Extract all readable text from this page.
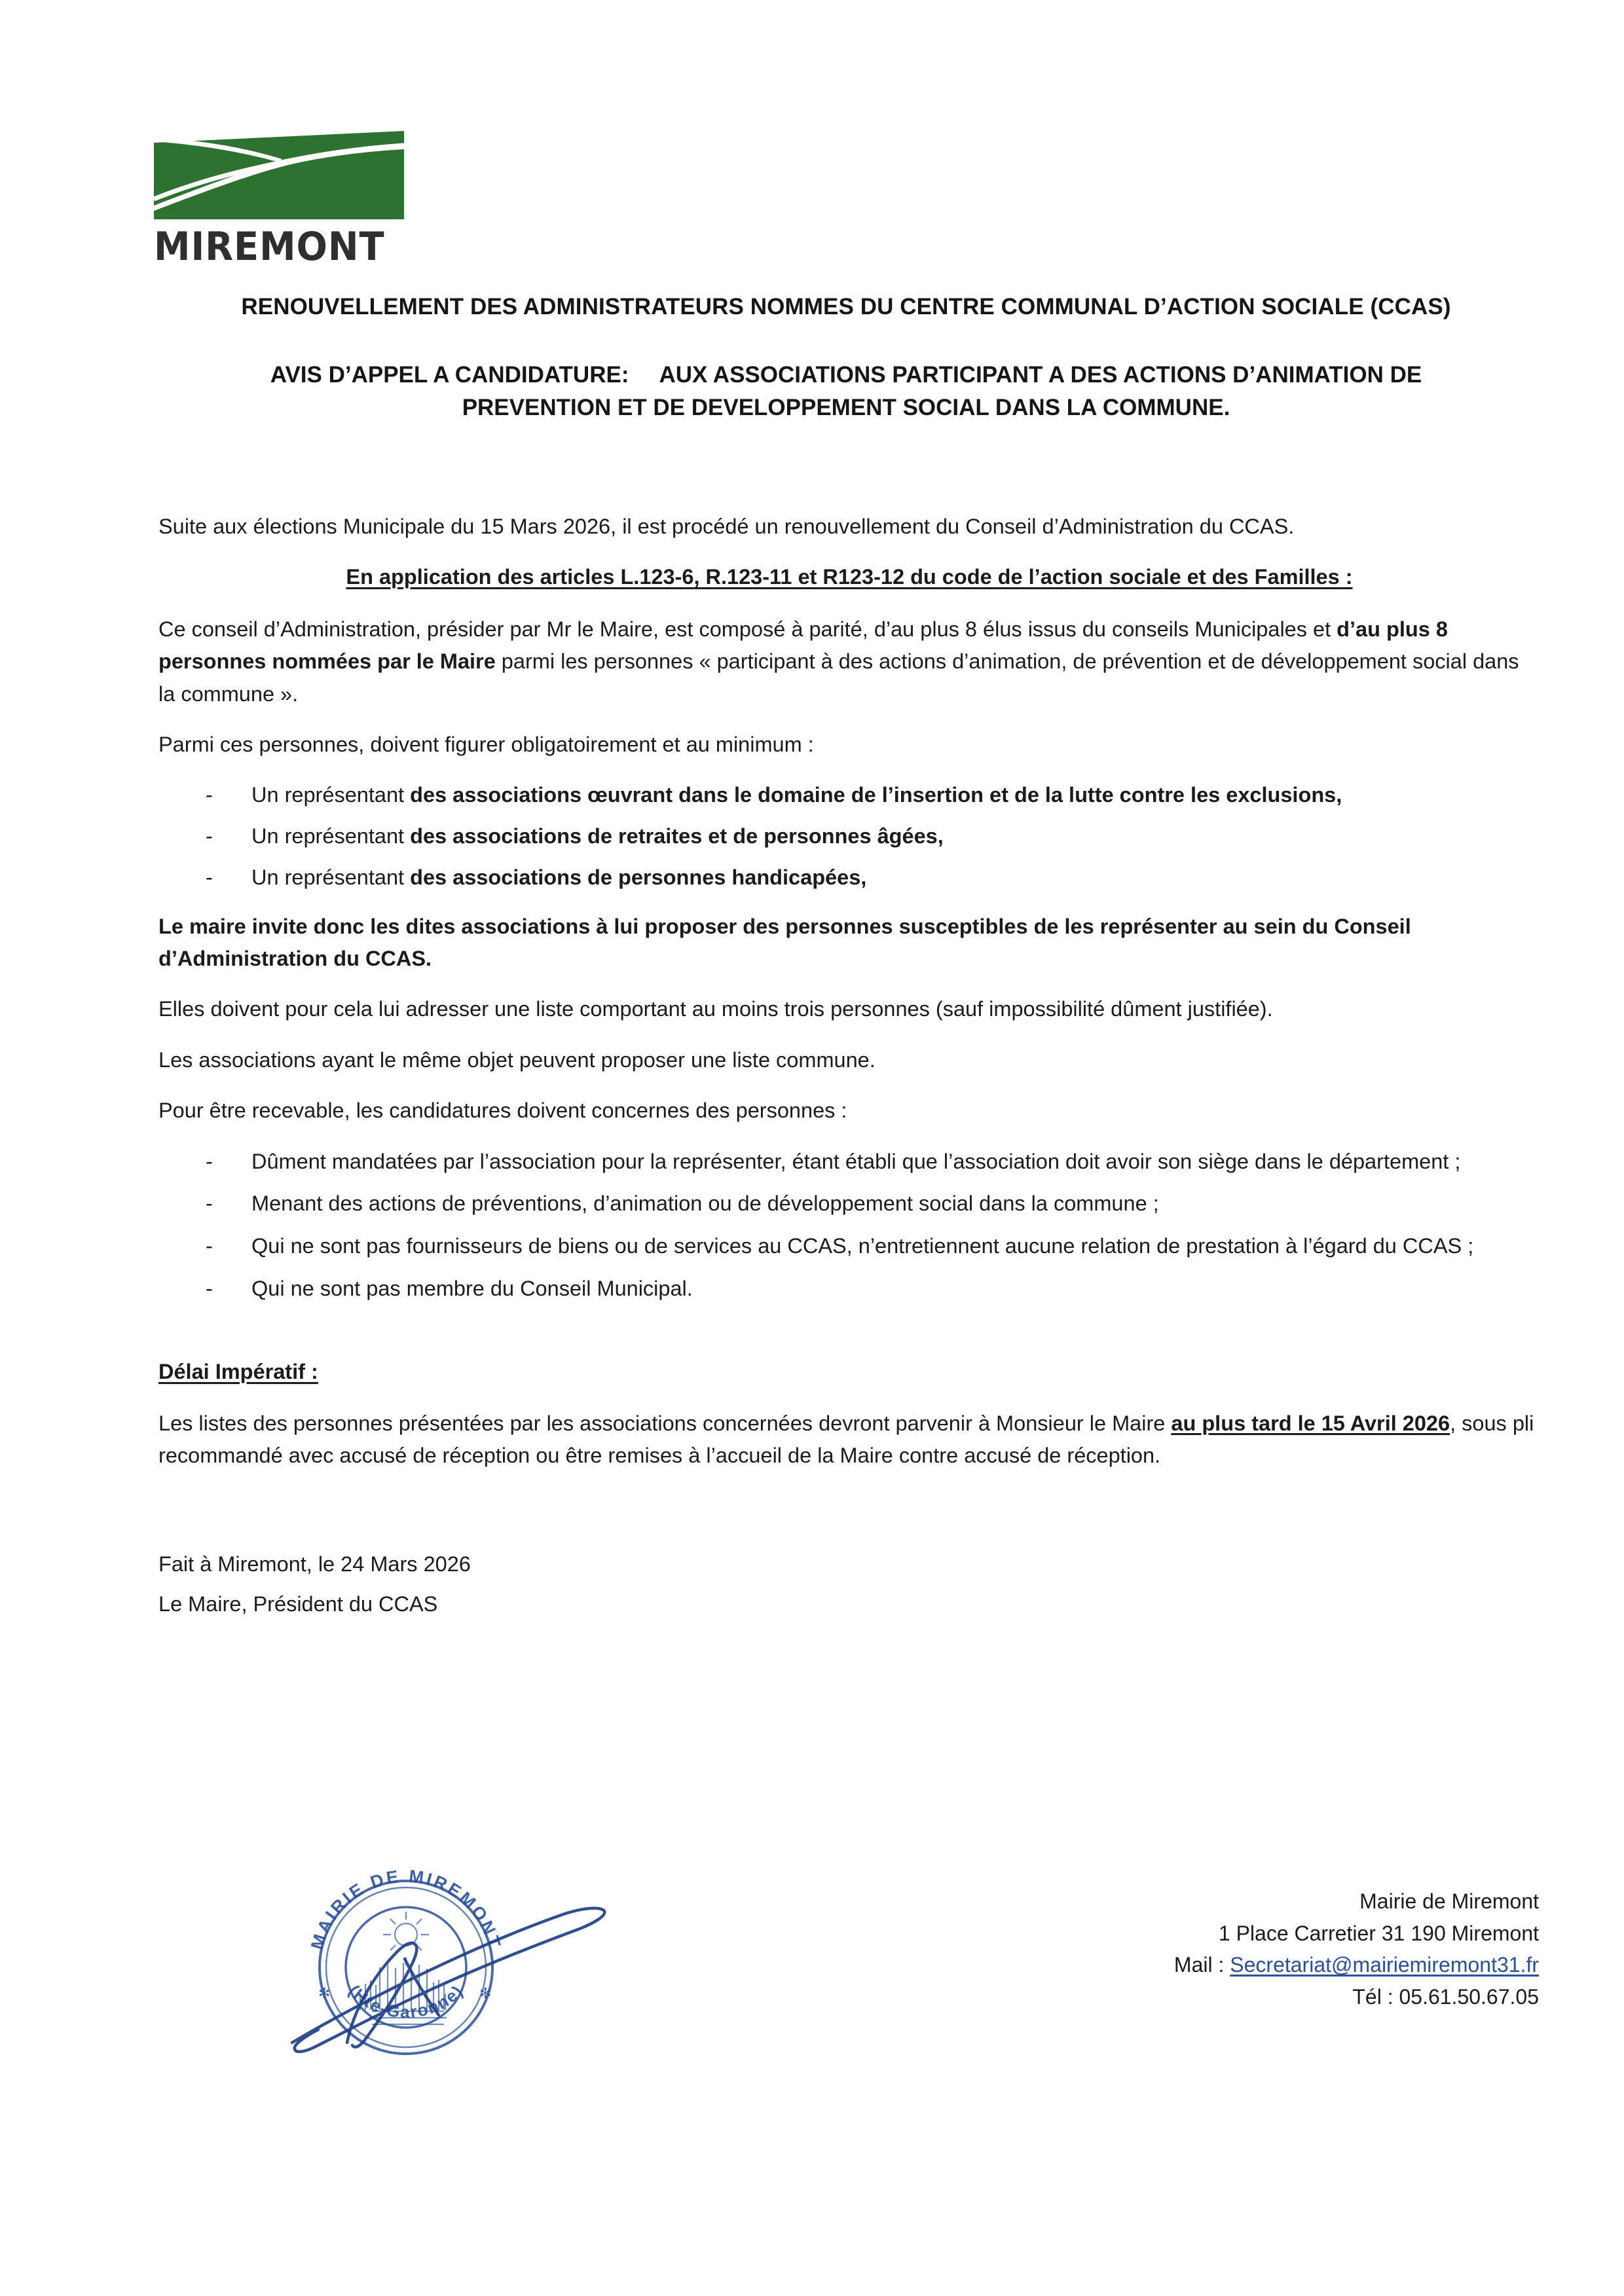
MIREMONT
RENOUVELLEMENT DES ADMINISTRATEURS NOMMES DU CENTRE COMMUNAL D’ACTION SOCIALE (CCAS)
AVIS D’APPEL A CANDIDATURE: AUX ASSOCIATIONS PARTICIPANT A DES ACTIONS D’ANIMATION DE
PREVENTION ET DE DEVELOPPEMENT SOCIAL DANS LA COMMUNE.

Suite aux élections Municipale du 15 Mars 2026, il est procédé un renouvellement du Conseil d’Administration du CCAS.

En application des articles L.123-6, R.123-11 et R123-12 du code de l’action sociale et des Familles :

Ce conseil d’Administration, présider par Mr le Maire, est composé à parité, d’au plus 8 élus issus du conseils Municipales et d’au plus 8 personnes nommées par le Maire parmi les personnes « participant à des actions d’animation, de prévention et de développement social dans la commune ».

Parmi ces personnes, doivent figurer obligatoirement et au minimum :

- Un représentant des associations œuvrant dans le domaine de l’insertion et de la lutte contre les exclusions,
- Un représentant des associations de retraites et de personnes âgées,
- Un représentant des associations de personnes handicapées,

Le maire invite donc les dites associations à lui proposer des personnes susceptibles de les représenter au sein du Conseil d’Administration du CCAS.

Elles doivent pour cela lui adresser une liste comportant au moins trois personnes (sauf impossibilité dûment justifiée).

Les associations ayant le même objet peuvent proposer une liste commune.

Pour être recevable, les candidatures doivent concernes des personnes :

- Dûment mandatées par l’association pour la représenter, étant établi que l’association doit avoir son siège dans le département ;
- Menant des actions de préventions, d’animation ou de développement social dans la commune ;
- Qui ne sont pas fournisseurs de biens ou de services au CCAS, n’entretiennent aucune relation de prestation à l’égard du CCAS ;
- Qui ne sont pas membre du Conseil Municipal.
Délai Impératif :

Les listes des personnes présentées par les associations concernées devront parvenir à Monsieur le Maire au plus tard le 15 Avril 2026, sous pli recommandé avec accusé de réception ou être remises à l’accueil de la Maire contre accusé de réception.

Fait à Miremont, le 24 Mars 2026
Le Maire, Président du CCAS
MAIRIE DE MIREMONT
(Hte-Garonne)
✻	✻
Mairie de Miremont
1 Place Carretier 31 190 Miremont
Mail : Secretariat@mairiemiremont31.fr
Tél : 05.61.50.67.05
